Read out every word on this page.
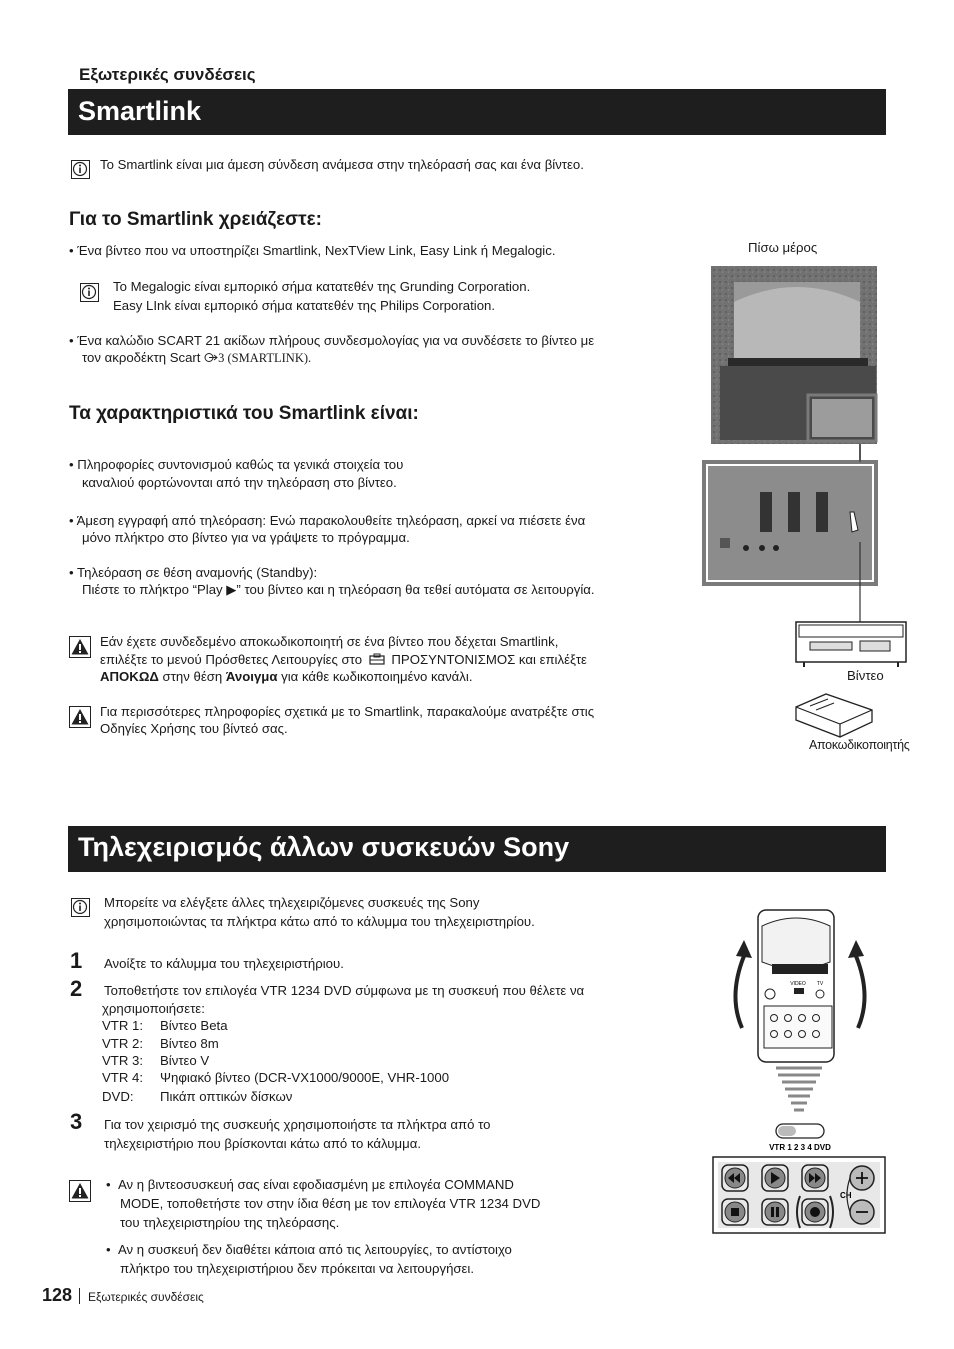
Εξωτερικές συνδέσεις
Smartlink
Το Smartlink είναι μια άμεση σύνδεση ανάμεσα στην τηλεόρασή σας και ένα βίντεο.
Για το Smartlink χρειάζεστε:
• Ένα βίντεο που να υποστηρίζει Smartlink, NexTView Link, Easy Link ή Megalogic.
Το Megalogic είναι εμπορικό σήμα κατατεθέν της Grunding Corporation.
Easy LInk είναι εμπορικό σήμα κατατεθέν της Philips Corporation.
• Ένα καλώδιο SCART 21 ακίδων πλήρους συνδεσμολογίας για να συνδέσετε το βίντεο με
τον ακροδέκτη Scart 3 (SMARTLINK).
Τα χαρακτηριστικά του Smartlink είναι:
• Πληροφορίες συντονισμού καθώς τα γενικά στοιχεία του
καναλιού φορτώνονται από την τηλεόραση στο βίντεο.
• Άμεση εγγραφή από τηλεόραση: Ενώ παρακολουθείτε τηλεόραση, αρκεί να πιέσετε ένα
μόνο πλήκτρο στο βίντεο για να γράψετε το πρόγραμμα.
• Τηλεόραση σε θέση αναμονής (Standby):
Πιέστε το πλήκτρο “Play ▶” του βίντεο και η τηλεόραση θα τεθεί αυτόματα σε λειτουργία.
Εάν έχετε συνδεδεμένο αποκωδικοποιητή σε ένα βίντεο που δέχεται Smartlink,
επιλέξτε το μενού Πρόσθετες Λειτουργίες στο ΠΡΟΣΥΝΤΟΝΙΣΜΟΣ και επιλέξτε
ΑΠΟΚΩΔ στην θέση Άνοιγμα για κάθε κωδικοποιημένο κανάλι.
Για περισσότερες πληροφορίες σχετικά με το Smartlink, παρακαλούμε ανατρέξτε στις
Οδηγίες Χρήσης του βίντεό σας.
Πίσω μέρος
Βίντεο
Αποκωδικοποιητής
Τηλεχειρισμός άλλων συσκευών Sony
Μπορείτε να ελέγξετε άλλες τηλεχειριζόμενες συσκευές της Sony
χρησιμοποιώντας τα πλήκτρα κάτω από το κάλυμμα του τηλεχειριστηρίου.
1 Ανοίξτε το κάλυμμα του τηλεχειριστήριου.
2 Τοποθετήστε τον επιλογέα VTR 1234 DVD σύμφωνα με τη συσκευή που θέλετε να
χρησιμοποιήσετε:
VTR 1: Βίντεο Beta
VTR 2: Βίντεο 8m
VTR 3: Βίντεο V
VTR 4: Ψηφιακό βίντεο (DCR-VX1000/9000E, VHR-1000
DVD: Πικάπ οπτικών δίσκων
3 Για τον χειρισμό της συσκευής χρησιμοποιήστε τα πλήκτρα από το
τηλεχειριστήριο που βρίσκονται κάτω από το κάλυμμα.
•  Αν η βιντεοσυσκευή σας είναι εφοδιασμένη με επιλογέα COMMAND
MODE, τοποθετήστε τον στην ίδια θέση με τον επιλογέα VTR 1234 DVD
του τηλεχειριστηρίου της τηλεόρασης.
•  Αν η συσκευή δεν διαθέτει κάποια από τις λειτουργίες, το αντίστοιχο
πλήκτρο του τηλεχειριστήριου δεν πρόκειται να λειτουργήσει.
VIDEO TV
VTR 1 2 3 4 DVD
CH
128 Εξωτερικές συνδέσεις
